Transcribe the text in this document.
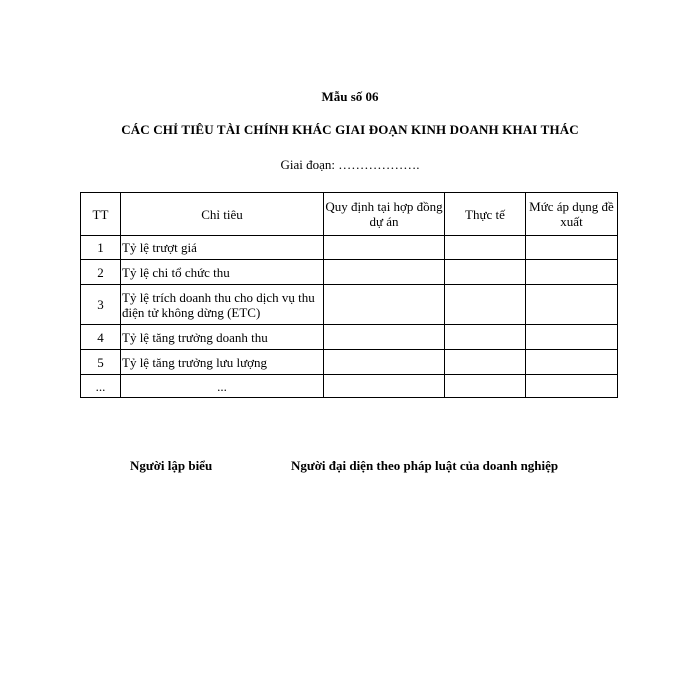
Mẫu số 06
CÁC CHỈ TIÊU TÀI CHÍNH KHÁC GIAI ĐOẠN KINH DOANH KHAI THÁC
Giai đoạn: ……………….
TT	Chỉ tiêu	Quy định tại hợp đồng dự án	Thực tế	Mức áp dụng đề xuất
1	Tỷ lệ trượt giá			
2	Tỷ lệ chi tổ chức thu			
3	Tỷ lệ trích doanh thu cho dịch vụ thu điện tử không dừng (ETC)			
4	Tỷ lệ tăng trưởng doanh thu			
5	Tỷ lệ tăng trưởng lưu lượng			
...	...			
Người lập biểu	Người đại diện theo pháp luật của doanh nghiệp
